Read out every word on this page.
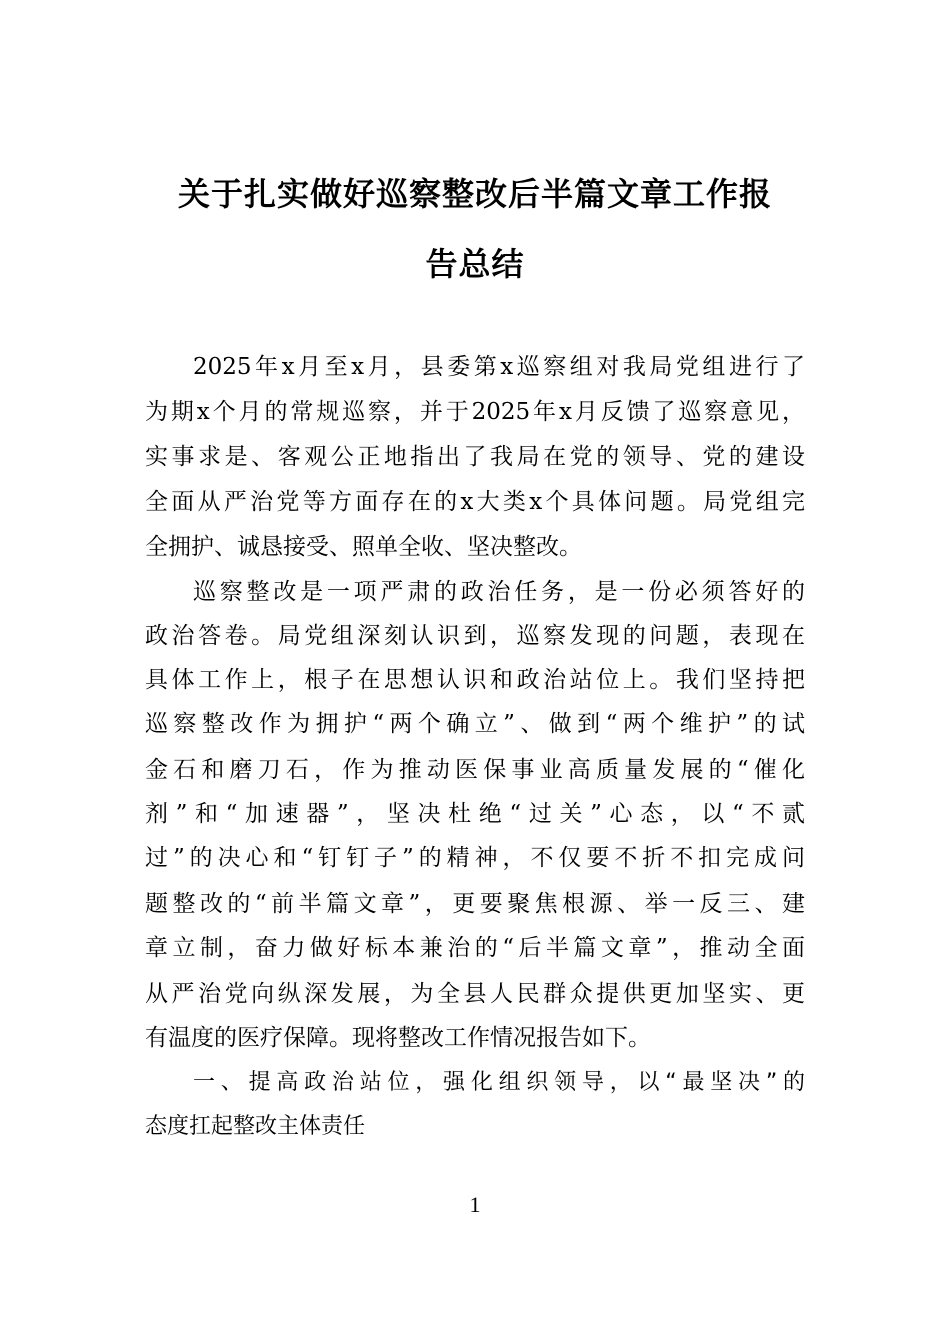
关于扎实做好巡察整改后半篇文章工作报
告总结
2025年x月至x月，县委第x巡察组对我局党组进行了
为期x个月的常规巡察，并于2025年x月反馈了巡察意见，
实事求是、客观公正地指出了我局在党的领导、党的建设
全面从严治党等方面存在的x大类x个具体问题。局党组完
全拥护、诚恳接受、照单全收、坚决整改。
巡察整改是一项严肃的政治任务，是一份必须答好的
政治答卷。局党组深刻认识到，巡察发现的问题，表现在
具体工作上，根子在思想认识和政治站位上。我们坚持把
巡察整改作为拥护“两个确立”、做到“两个维护”的试
金石和磨刀石，作为推动医保事业高质量发展的“催化
剂”和“加速器”，坚决杜绝“过关”心态，以“不贰
过”的决心和“钉钉子”的精神，不仅要不折不扣完成问
题整改的“前半篇文章”，更要聚焦根源、举一反三、建
章立制，奋力做好标本兼治的“后半篇文章”，推动全面
从严治党向纵深发展，为全县人民群众提供更加坚实、更
有温度的医疗保障。现将整改工作情况报告如下。
一、提高政治站位，强化组织领导，以“最坚决”的
态度扛起整改主体责任
1
